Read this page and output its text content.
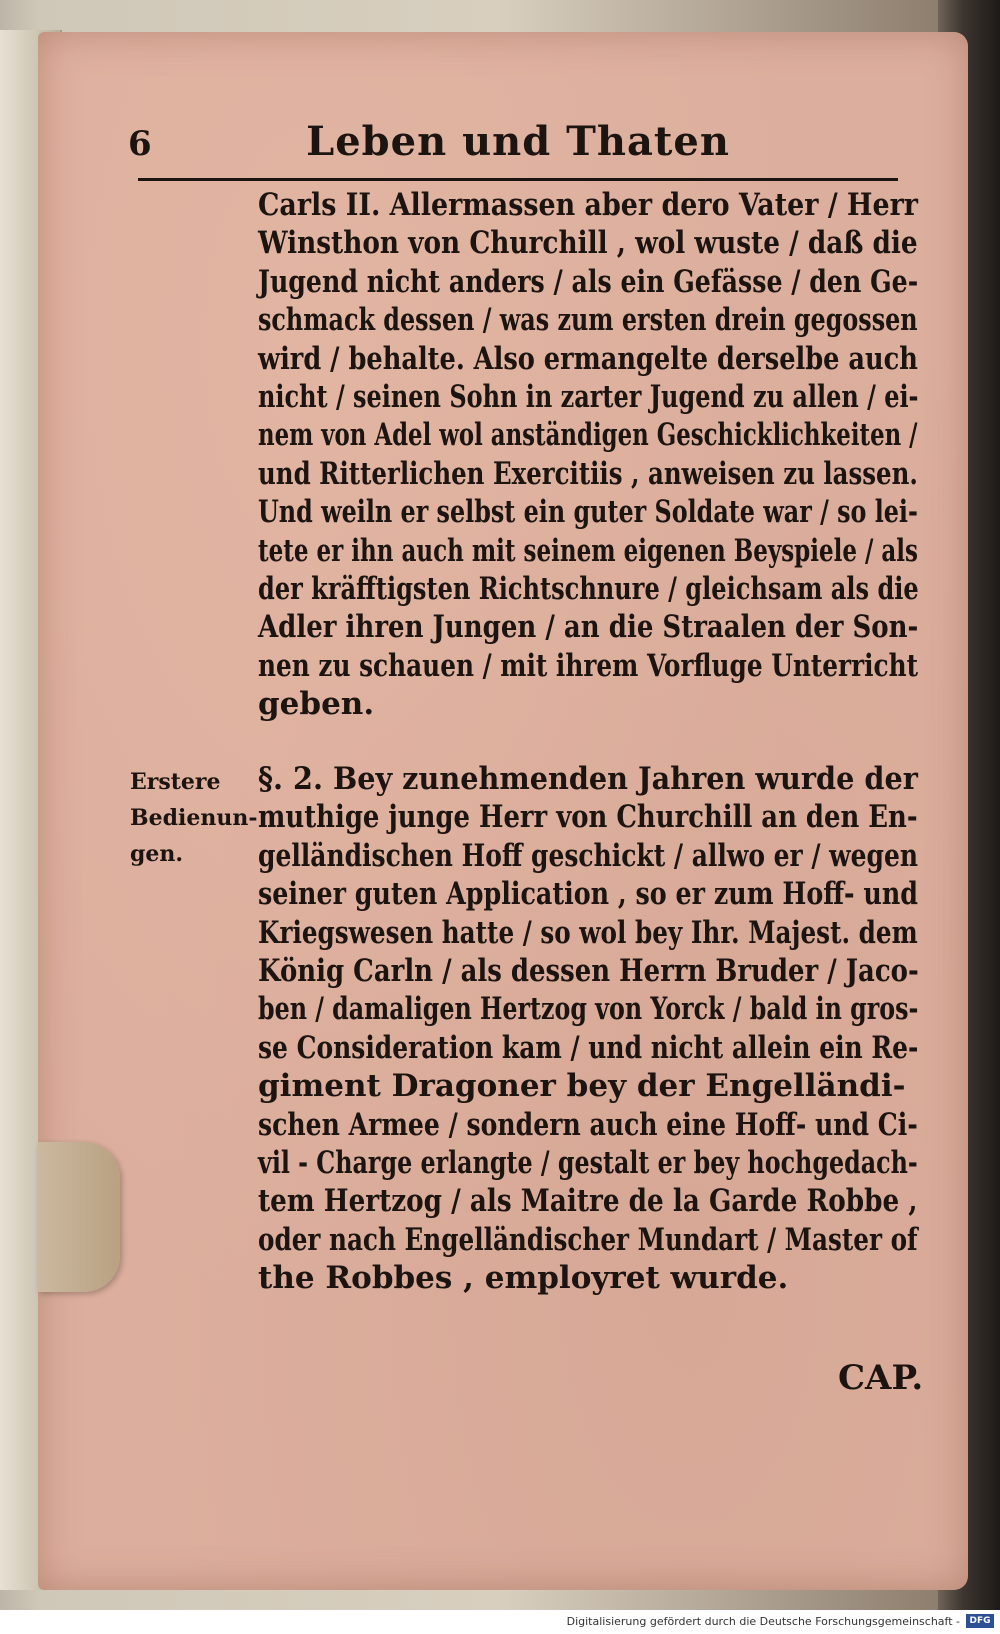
6	Leben und Thaten
Carls II. Allermassen aber dero Vater / Herr
Winsthon von Churchill , wol wuste / daß die
Jugend nicht anders / als ein Gefässe / den Ge-
schmack dessen / was zum ersten drein gegossen
wird / behalte. Also ermangelte derselbe auch
nicht / seinen Sohn in zarter Jugend zu allen / ei-
nem von Adel wol anständigen Geschicklichkeiten /
und Ritterlichen Exercitiis , anweisen zu lassen.
Und weiln er selbst ein guter Soldate war / so lei-
tete er ihn auch mit seinem eigenen Beyspiele / als
der kräfftigsten Richtschnure / gleichsam als die
Adler ihren Jungen / an die Straalen der Son-
nen zu schauen / mit ihrem Vorfluge Unterricht
geben.
Erstere
Bedienun-
gen.
§. 2. Bey zunehmenden Jahren wurde der
muthige junge Herr von Churchill an den En-
gelländischen Hoff geschickt / allwo er / wegen
seiner guten Application , so er zum Hoff- und
Kriegswesen hatte / so wol bey Ihr. Majest. dem
König Carln / als dessen Herrn Bruder / Jaco-
ben / damaligen Hertzog von Yorck / bald in gros-
se Consideration kam / und nicht allein ein Re-
giment Dragoner bey der Engelländi-
schen Armee / sondern auch eine Hoff- und Ci-
vil - Charge erlangte / gestalt er bey hochgedach-
tem Hertzog / als Maitre de la Garde Robbe ,
oder nach Engelländischer Mundart / Master of
the Robbes , employret wurde.
CAP.
Digitalisierung gefördert durch die Deutsche Forschungsgemeinschaft -	DFG
